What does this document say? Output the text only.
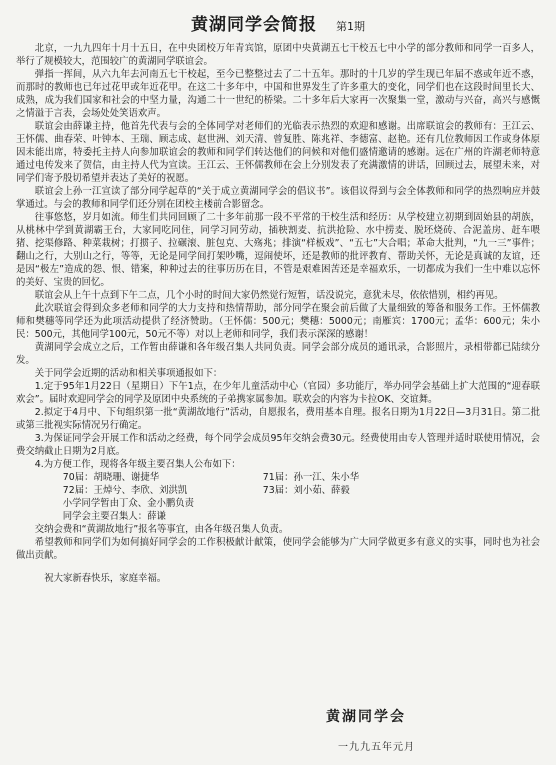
黄湖同学会简报 第1期

北京，一九九四年十月十五日，在中央团校万年青宾馆，原团中央黄湖五七干校五七中小学的部分教师和同学一百多人，举行了规模较大，范围较广的黄湖同学联谊会。

弹指一挥间，从六九年去河南五七干校起，至今已整整过去了二十五年。那时的十几岁的学生现已年届不惑或年近不惑，而那时的教师也已年过花甲或年近花甲。在这二十多年中，中国和世界发生了许多重大的变化，同学们也在这段时间里长大、成熟，成为我们国家和社会的中坚力量，沟通二十一世纪的桥梁。二十多年后大家再一次聚集一堂，激动与兴奋，高兴与感慨之情溢于言表，会场处处笑语欢声。

联谊会由薛谦主持，他首先代表与会的全体同学对老师们的光临表示热烈的欢迎和感谢。出席联谊会的教师有：王江云、王怀儒、曲春荣、叶钟本、王瑞、顾志成、赵世洲、刘天清、曾复胜、陈兆祥、李德富、赵艳。还有几位教师因工作或身体原因未能出席，特委托主持人向参加联谊会的教师和同学们转达他们的问候和对他们盛情邀请的感谢。远在广州的许湖老师特意通过电传发来了贺信，由主持人代为宣读。王江云、王怀儒教师在会上分别发表了充满激情的讲话，回顾过去，展望未来，对同学们寄予殷切希望并表达了美好的祝愿。

联谊会上孙一江宣读了部分同学起草的“关于成立黄湖同学会的倡议书”。该倡议得到与会全体教师和同学的热烈响应并鼓掌通过。与会的教师和同学们还分别在团校主楼前合影留念。

往事悠悠，岁月如流。师生们共同回顾了二十多年前那一段不平常的干校生活和经历：从学校建立初期到固始县的胡族，从桃林中学到黄湖霸王台，大家同吃同住，同学习同劳动，插秧割麦、抗洪抢险、水中捞麦、脱坯烧砖、合泥盖房、赶车喂猪、挖渠修路、种菜栽树；打掼子、拉碾滚、脏包克、大殇兆；排演“样板戏”、“五七”大合唱；革命大批判，“九一三”事件；翻山之行，大别山之行，等等，无论是同学间打架吵嘴，逗闹使坏，还是教师的批评教育、帮助关怀，无论是真诚的友谊，还是因“极左”造成的怨、恨、错案，种种过去的往事历历在目，不管是艰难困苦还是幸福欢乐，一切都成为我们一生中难以忘怀的美好、宝贵的回忆。

联谊会从上午十点到下午二点，几个小时的时间大家仍然觉行短暂，话没说完，意犹未尽，依依惜别，相约再见。

此次联谊会得到众多老师和同学的大力支持和热情帮助，部分同学在聚会前后做了大量细致的筹备和服务工作。王怀儒教师和樊穗等同学还为此项活动提供了经济赞助。（王怀儒：500元；樊穗：5000元；南雁宾：1700元；孟华：600元；朱小民：500元，其他同学100元，50元不等）对以上老师和同学，我们表示深深的感谢！

黄湖同学会成立之后，工作暂由薛谦和各年级召集人共同负责。同学会部分成员的通讯录，合影照片，录相带都已陆续分发。

关于同学会近期的活动和相关事项通报如下：

1.定于95年1月22日（星期日）下午1点，在少年儿童活动中心（官园）多功能厅，举办同学会基础上扩大范围的“迎春联欢会”。届时欢迎同学会的同学及原团中央系统的子弟携家属参加。联欢会的内容为卡拉OK、交谊舞。

2.拟定于4月中、下旬组织第一批“黄湖故地行”活动，自愿报名，费用基本自理。报名日期为1月22日—3月31日。第二批或第三批视实际情况另行确定。

3.为保证同学会开展工作和活动之经费，每个同学会成员95年交纳会费30元。经费使用由专人管理并适时联使用情况，会费交纳截止日期为2月底。

4.为方便工作，现将各年级主要召集人公布如下：

70届：胡晓珊、谢捷华	71届：孙一江、朱小华
72届：王焯兮、李欣、刘洪凯	73届：刘小茹、薛毅
小学同学暂由丁众、金小鹏负责
同学会主要召集人：薛谦

交纳会费和“黄湖故地行”报名等事宜，由各年级召集人负责。

希望教师和同学们为如何搞好同学会的工作积极献计献策，使同学会能够为广大同学做更多有意义的实事，同时也为社会做出贡献。

祝大家新春快乐，家庭幸福。
黄湖同学会
一九九五年元月
